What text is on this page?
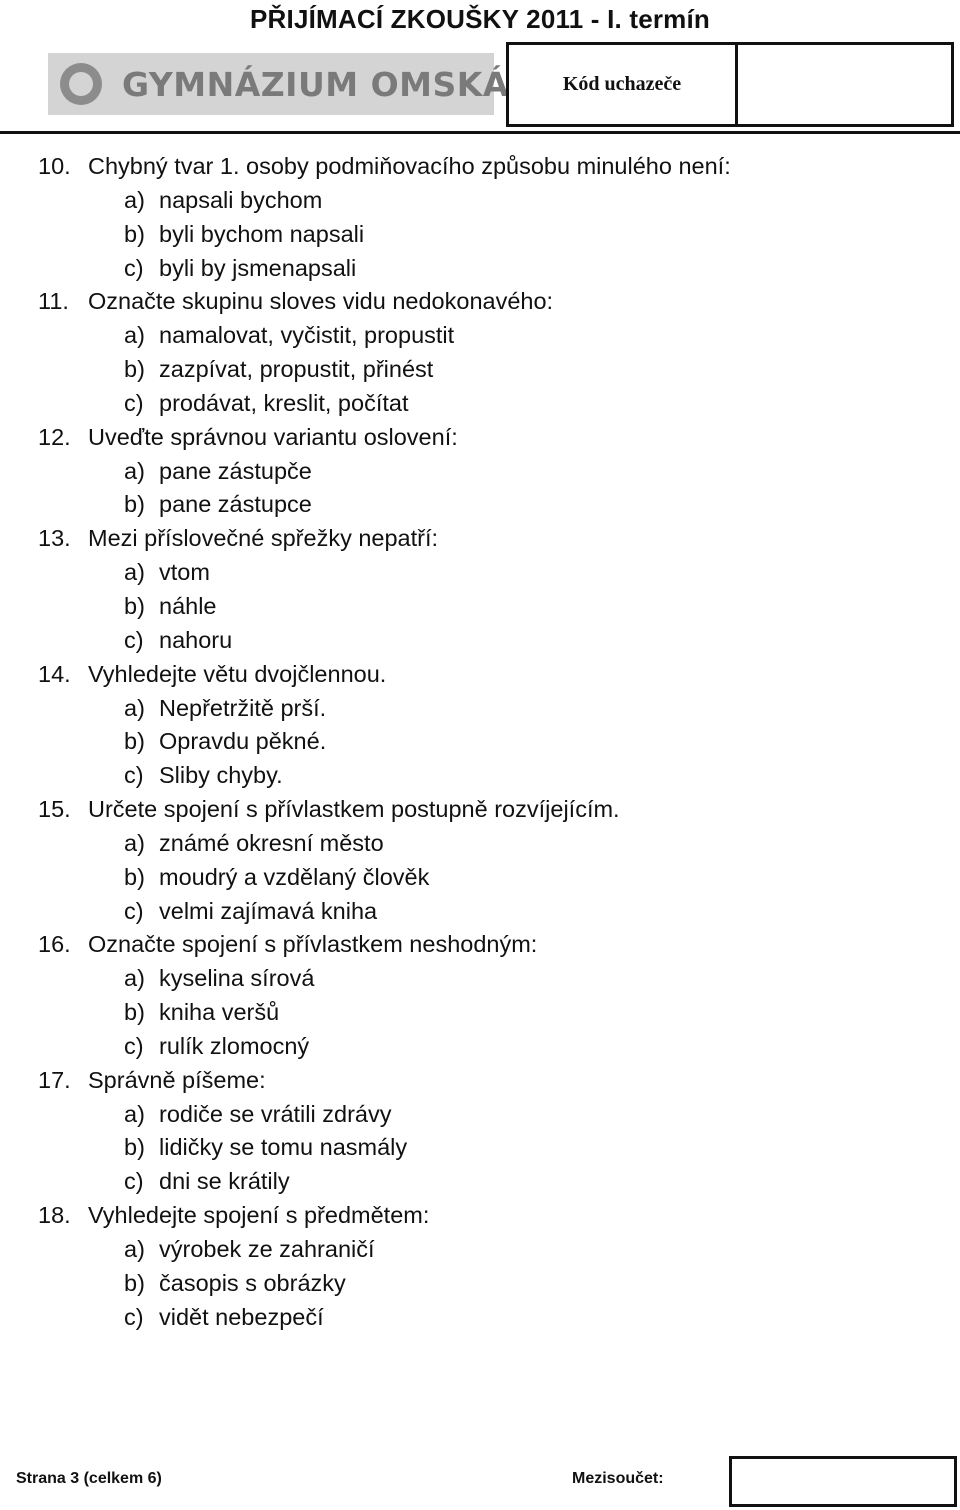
PŘIJÍMACÍ ZKOUŠKY 2011 - I. termín
GYMNÁZIUM OMSKÁ	Kód uchazeče
10. Chybný tvar 1. osoby podmiňovacího způsobu minulého není:
a) napsali bychom
b) byli bychom napsali
c) byli by jsmenapsali
11. Označte skupinu sloves vidu nedokonavého:
a) namalovat, vyčistit, propustit
b) zazpívat, propustit, přinést
c) prodávat, kreslit, počítat
12. Uveďte správnou variantu oslovení:
a) pane zástupče
b) pane zástupce
13. Mezi příslovečné spřežky nepatří:
a) vtom
b) náhle
c) nahoru
14. Vyhledejte větu dvojčlennou.
a) Nepřetržitě prší.
b) Opravdu pěkné.
c) Sliby chyby.
15. Určete spojení s přívlastkem postupně rozvíjejícím.
a) známé okresní město
b) moudrý a vzdělaný člověk
c) velmi zajímavá kniha
16. Označte spojení s přívlastkem neshodným:
a) kyselina sírová
b) kniha veršů
c) rulík zlomocný
17. Správně píšeme:
a) rodiče se vrátili zdrávy
b) lidičky se tomu nasmály
c) dni se krátily
18. Vyhledejte spojení s předmětem:
a) výrobek ze zahraničí
b) časopis s obrázky
c) vidět nebezpečí
Strana 3 (celkem 6)	Mezisoučet:
